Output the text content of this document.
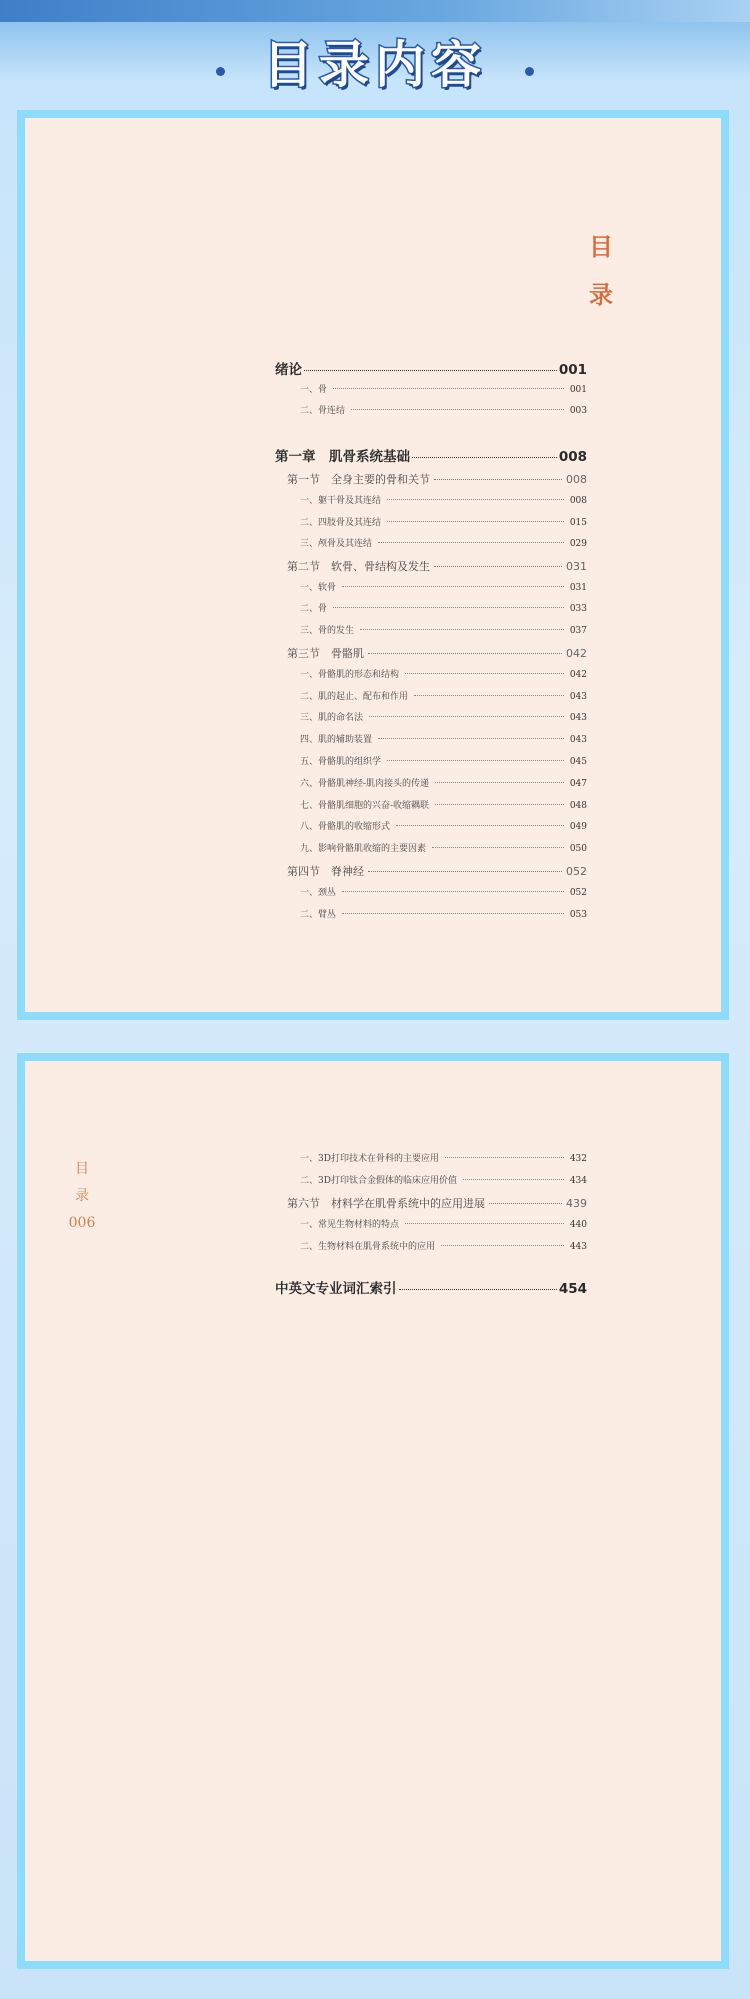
目录内容
目
录
绪论	001
一、骨	001
二、骨连结	003
第一章　肌骨系统基础	008
第一节　全身主要的骨和关节	008
一、躯干骨及其连结	008
二、四肢骨及其连结	015
三、颅骨及其连结	029
第二节　软骨、骨结构及发生	031
一、软骨	031
二、骨	033
三、骨的发生	037
第三节　骨骼肌	042
一、骨骼肌的形态和结构	042
二、肌的起止、配布和作用	043
三、肌的命名法	043
四、肌的辅助装置	043
五、骨骼肌的组织学	045
六、骨骼肌神经-肌肉接头的传递	047
七、骨骼肌细胞的兴奋-收缩耦联	048
八、骨骼肌的收缩形式	049
九、影响骨骼肌收缩的主要因素	050
第四节　脊神经	052
一、颈丛	052
二、臂丛	053
目
录
006
一、3D打印技术在骨科的主要应用	432
二、3D打印钛合金假体的临床应用价值	434
第六节　材料学在肌骨系统中的应用进展	439
一、常见生物材料的特点	440
二、生物材料在肌骨系统中的应用	443
中英文专业词汇索引	454
